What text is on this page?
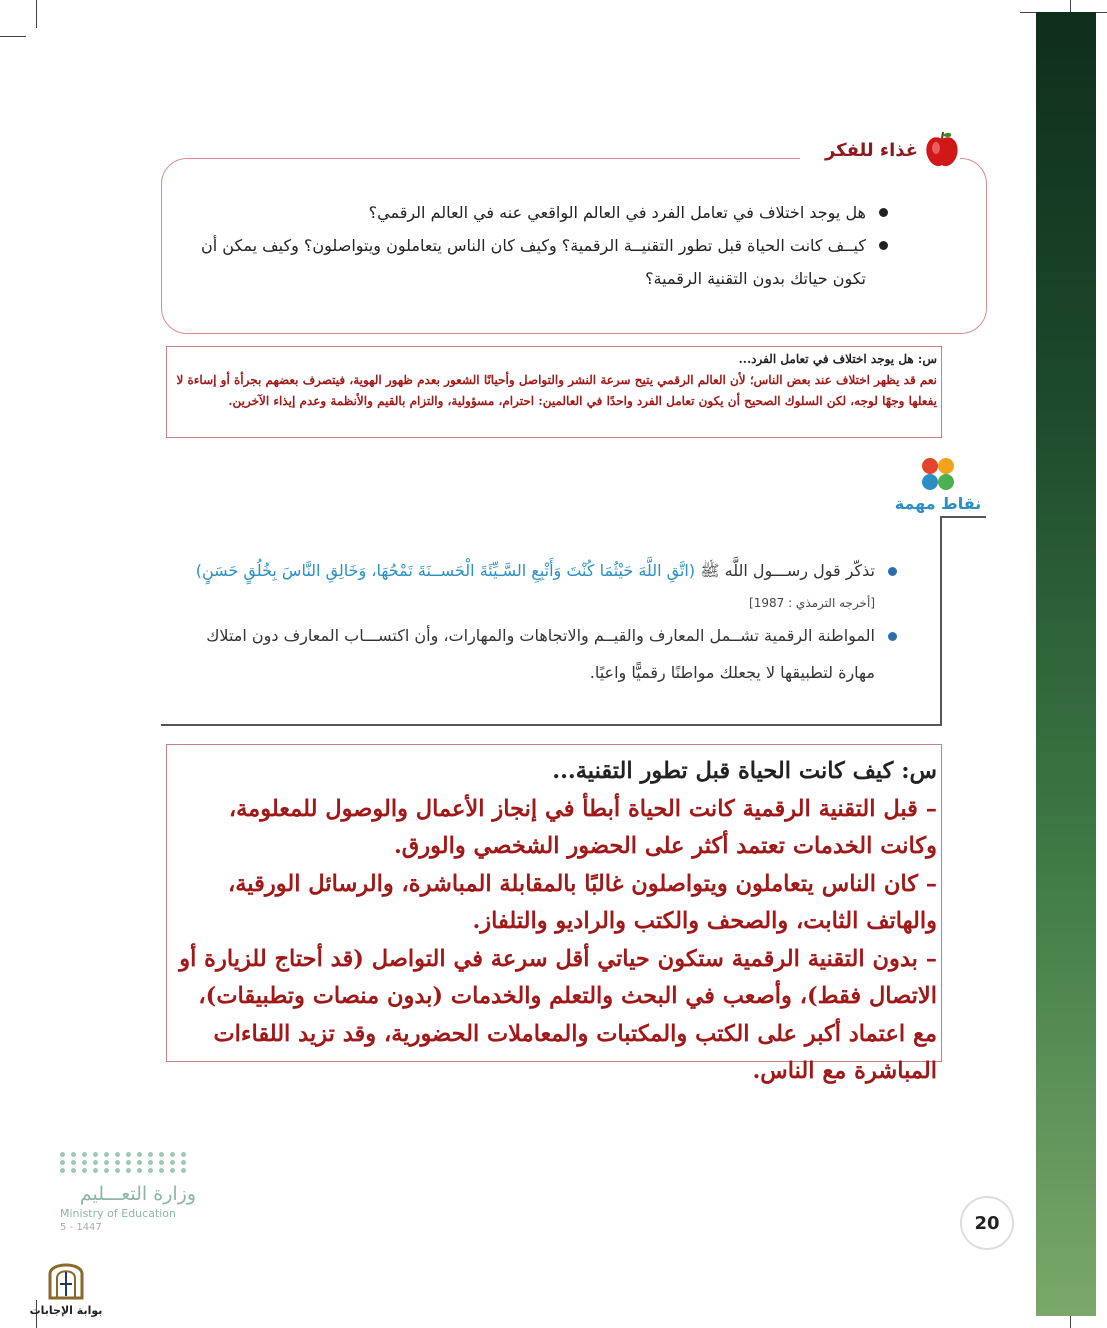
غذاء للفكر
هل يوجد اختلاف في تعامل الفرد في العالم الواقعي عنه في العالم الرقمي؟
كيــف كانت الحياة قبل تطور التقنيــة الرقمية؟ وكيف كان الناس يتعاملون ويتواصلون؟ وكيف يمكن أن تكون حياتك بدون التقنية الرقمية؟
س: هل يوجد اختلاف في تعامل الفرد...
نعم قد يظهر اختلاف عند بعض الناس؛ لأن العالم الرقمي يتيح سرعة النشر والتواصل وأحيانًا الشعور بعدم ظهور الهوية، فيتصرف بعضهم بجرأة أو إساءة لا يفعلها وجهًا لوجه، لكن السلوك الصحيح أن يكون تعامل الفرد واحدًا في العالمين: احترام، مسؤولية، والتزام بالقيم والأنظمة وعدم إيذاء الآخرين.
نقاط مهمة
تذكّر قول رســـول اللَّه ﷺ (اتَّقِ اللَّهَ حَيْثُمَا كُنْتَ وَأَتْبِعِ السَّـيِّئَةَ الْحَســنَةَ تَمْحُهَا، وَخَالِقِ النَّاسَ بِخُلُقٍ حَسَنٍ)
[أخرجه الترمذي : 1987]
المواطنة الرقمية تشــمل المعارف والقيــم والاتجاهات والمهارات، وأن اكتســـاب المعارف دون امتلاك مهارة لتطبيقها لا يجعلك مواطنًا رقميًّا واعيًا.
س: كيف كانت الحياة قبل تطور التقنية...
– قبل التقنية الرقمية كانت الحياة أبطأ في إنجاز الأعمال والوصول للمعلومة، وكانت الخدمات تعتمد أكثر على الحضور الشخصي والورق.
– كان الناس يتعاملون ويتواصلون غالبًا بالمقابلة المباشرة، والرسائل الورقية، والهاتف الثابت، والصحف والكتب والراديو والتلفاز.
– بدون التقنية الرقمية ستكون حياتي أقل سرعة في التواصل (قد أحتاج للزيارة أو الاتصال فقط)، وأصعب في البحث والتعلم والخدمات (بدون منصات وتطبيقات)، مع اعتماد أكبر على الكتب والمكتبات والمعاملات الحضورية، وقد تزيد اللقاءات المباشرة مع الناس.
20
وزارة التعـــليم
Ministry of Education
5 - 1447
بوابة الإجابات
